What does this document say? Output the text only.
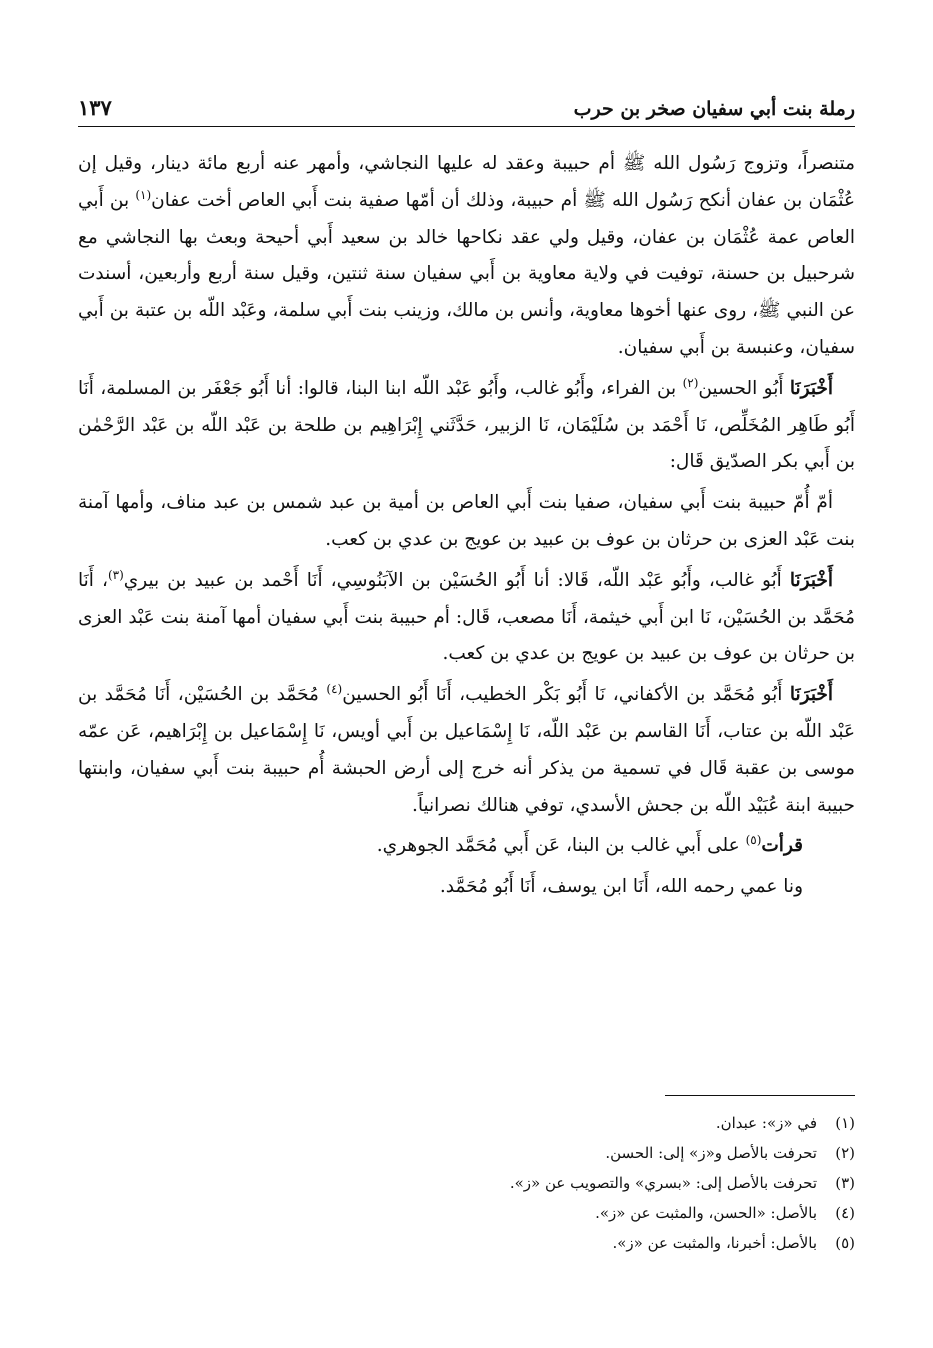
رملة بنت أبي سفيان صخر بن حرب
١٣٧

متنصراً، وتزوج رَسُول الله ﷺ أم حبيبة وعقد له عليها النجاشي، وأمهر عنه أربع مائة دينار، وقيل إن عُثْمَان بن عفان أنكح رَسُول الله ﷺ أم حبيبة، وذلك أن أمّها صفية بنت أَبي العاص أخت عفان$^{(١)}$ بن أَبي العاص عمة عُثْمَان بن عفان، وقيل ولي عقد نكاحها خالد بن سعيد أَبي أحيحة وبعث بها النجاشي مع شرحبيل بن حسنة، توفيت في ولاية معاوية بن أَبي سفيان سنة ثنتين، وقيل سنة أربع وأربعين، أسندت عن النبي ﷺ، روى عنها أخوها معاوية، وأنس بن مالك، وزينب بنت أَبي سلمة، وعَبْد اللّه بن عتبة بن أَبي سفيان، وعنبسة بن أَبي سفيان.

أَخْبَرَنَا أَبُو الحسين$^{(٢)}$ بن الفراء، وأَبُو غالب، وأَبُو عَبْد اللّه ابنا البنا، قالوا: أنا أَبُو جَعْفَر بن المسلمة، أَنَا أَبُو طَاهِر المُخَلِّص، نَا أَحْمَد بن سُلَيْمَان، نَا الزبير، حَدَّثَني إِبْرَاهِيم بن طلحة بن عَبْد اللّه بن عَبْد الرَّحْمٰن بن أَبي بكر الصدّيق قَال:

أمّ أُمّ حبيبة بنت أَبي سفيان، صفيا بنت أَبي العاص بن أمية بن عبد شمس بن عبد مناف، وأمها آمنة بنت عَبْد العزى بن حرثان بن عوف بن عبيد بن عويج بن عدي بن كعب.

أَخْبَرَنَا أَبُو غالب، وأَبُو عَبْد اللّه، قَالا: أنا أَبُو الحُسَيْن بن الآبَنُوسِي، أَنَا أَحْمد بن عبيد بن بيري$^{(٣)}$، أَنَا مُحَمَّد بن الحُسَيْن، نَا ابن أَبي خيثمة، أَنَا مصعب، قَال: أم حبيبة بنت أَبي سفيان أمها آمنة بنت عَبْد العزى بن حرثان بن عوف بن عبيد بن عويج بن عدي بن كعب.

أَخْبَرَنَا أَبُو مُحَمَّد بن الأكفاني، نَا أَبُو بَكْر الخطيب، أَنَا أَبُو الحسين$^{(٤)}$ مُحَمَّد بن الحُسَيْن، أَنَا مُحَمَّد بن عَبْد اللّه بن عتاب، أَنَا القاسم بن عَبْد اللّه، نَا إِسْمَاعيل بن أَبي أويس، نَا إِسْمَاعيل بن إِبْرَاهيم، عَن عمّه موسى بن عقبة قَال في تسمية من يذكر أنه خرج إلى أرض الحبشة أُم حبيبة بنت أَبي سفيان، وابنتها حبيبة ابنة عُبَيْد اللّه بن جحش الأسدي، توفي هنالك نصرانياً.

قرأت$^{(٥)}$ على أَبي غالب بن البنا، عَن أَبي مُحَمَّد الجوهري.

ونا عمي رحمه الله، أَنَا ابن يوسف، أَنَا أَبُو مُحَمَّد.

(١)
في «ز»: عبدان.
(٢)
تحرفت بالأصل و«ز» إلى: الحسن.
(٣)
تحرفت بالأصل إلى: «بسري» والتصويب عن «ز».
(٤)
بالأصل: «الحسن، والمثبت عن «ز».
(٥)
بالأصل: أخبرنا، والمثبت عن «ز».
